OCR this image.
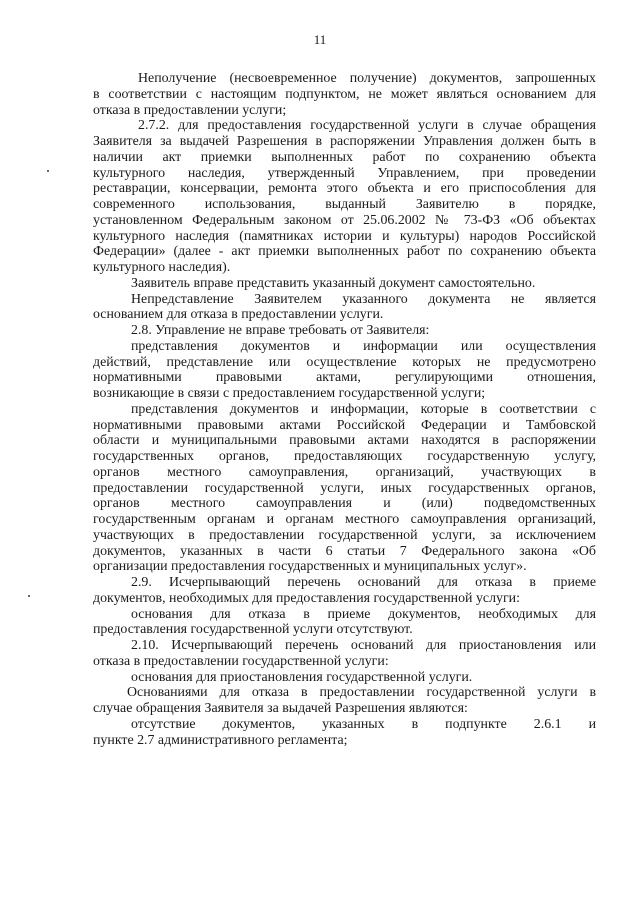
11
Неполучение (несвоевременное получение) документов, запрошенных
в соответствии с настоящим подпунктом, не может являться основанием для
отказа в предоставлении услуги;
2.7.2. для предоставления государственной услуги в случае обращения
Заявителя за выдачей Разрешения в распоряжении Управления должен быть в
наличии акт приемки выполненных работ по сохранению объекта
культурного наследия, утвержденный Управлением, при проведении
реставрации, консервации, ремонта этого объекта и его приспособления для
современного использования, выданный Заявителю в порядке,
установленном Федеральным законом от 25.06.2002 № 73-ФЗ «Об объектах
культурного наследия (памятниках истории и культуры) народов Российской
Федерации» (далее - акт приемки выполненных работ по сохранению объекта
культурного наследия).
Заявитель вправе представить указанный документ самостоятельно.
Непредставление Заявителем указанного документа не является
основанием для отказа в предоставлении услуги.
2.8. Управление не вправе требовать от Заявителя:
представления документов и информации или осуществления
действий, представление или осуществление которых не предусмотрено
нормативными правовыми актами, регулирующими отношения,
возникающие в связи с предоставлением государственной услуги;
представления документов и информации, которые в соответствии с
нормативными правовыми актами Российской Федерации и Тамбовской
области и муниципальными правовыми актами находятся в распоряжении
государственных органов, предоставляющих государственную услугу,
органов местного самоуправления, организаций, участвующих в
предоставлении государственной услуги, иных государственных органов,
органов местного самоуправления и (или) подведомственных
государственным органам и органам местного самоуправления организаций,
участвующих в предоставлении государственной услуги, за исключением
документов, указанных в части 6 статьи 7 Федерального закона «Об
организации предоставления государственных и муниципальных услуг».
2.9. Исчерпывающий перечень оснований для отказа в приеме
документов, необходимых для предоставления государственной услуги:
основания для отказа в приеме документов, необходимых для
предоставления государственной услуги отсутствуют.
2.10. Исчерпывающий перечень оснований для приостановления или
отказа в предоставлении государственной услуги:
основания для приостановления государственной услуги.
Основаниями для отказа в предоставлении государственной услуги в
случае обращения Заявителя за выдачей Разрешения являются:
отсутствие документов, указанных в подпункте 2.6.1 и
пункте 2.7 административного регламента;
